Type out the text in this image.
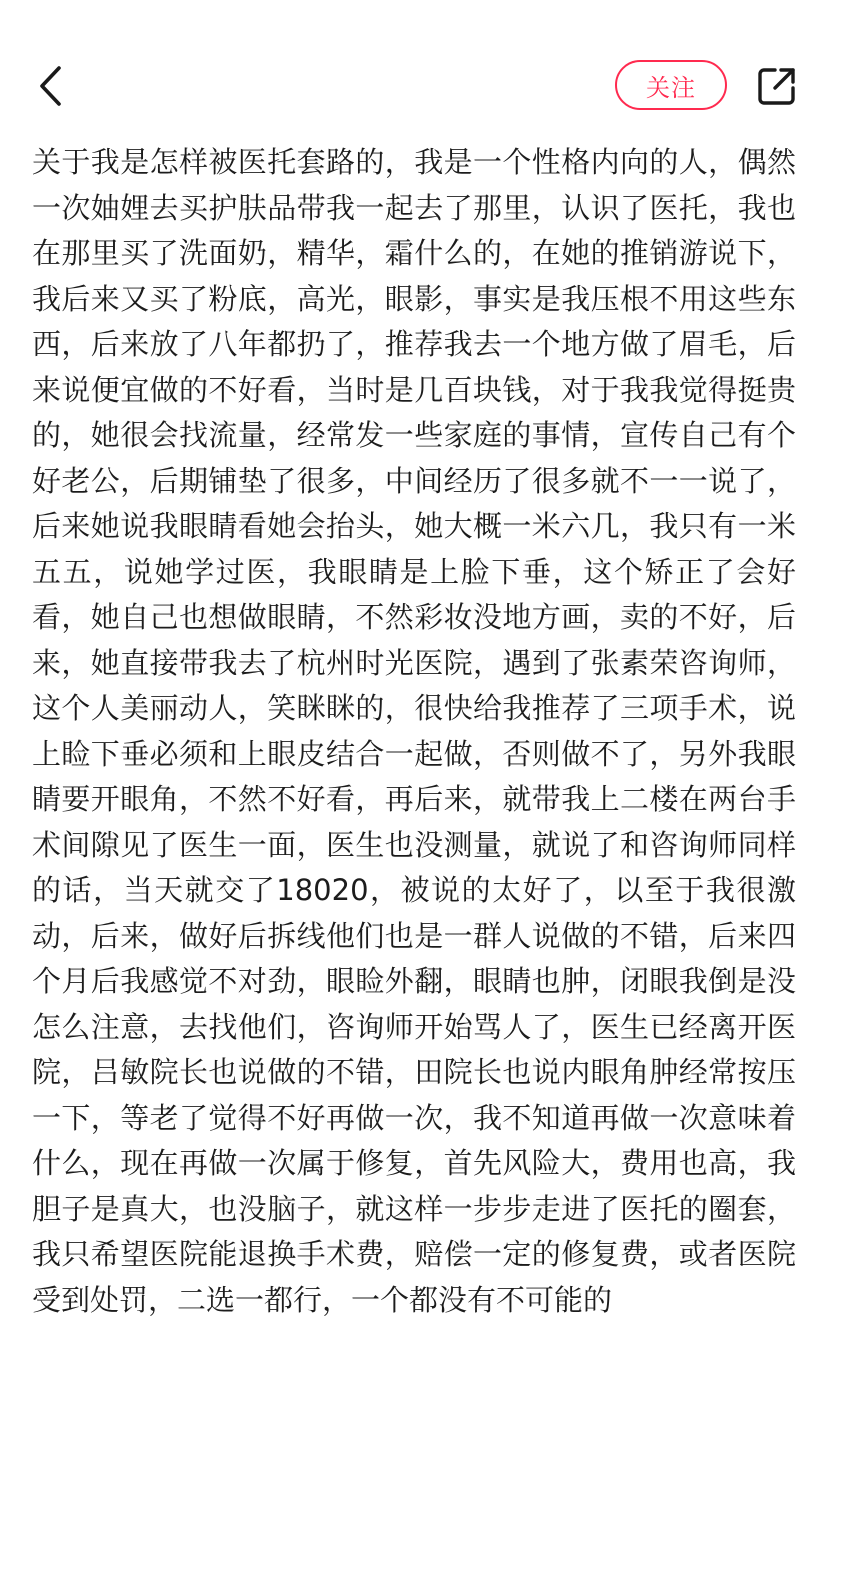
关注
关于我是怎样被医托套路的，我是一个性格内向的人，偶然一次妯娌去买护肤品带我一起去了那里，认识了医托，我也在那里买了洗面奶，精华，霜什么的，在她的推销游说下，我后来又买了粉底，高光，眼影，事实是我压根不用这些东西，后来放了八年都扔了，推荐我去一个地方做了眉毛，后来说便宜做的不好看，当时是几百块钱，对于我我觉得挺贵的，她很会找流量，经常发一些家庭的事情，宣传自己有个好老公，后期铺垫了很多，中间经历了很多就不一一说了，后来她说我眼睛看她会抬头，她大概一米六几，我只有一米五五，说她学过医，我眼睛是上脸下垂，这个矫正了会好看，她自己也想做眼睛，不然彩妆没地方画，卖的不好，后来，她直接带我去了杭州时光医院，遇到了张素荣咨询师，这个人美丽动人，笑眯眯的，很快给我推荐了三项手术，说上睑下垂必须和上眼皮结合一起做，否则做不了，另外我眼睛要开眼角，不然不好看，再后来，就带我上二楼在两台手术间隙见了医生一面，医生也没测量，就说了和咨询师同样的话，当天就交了18020，被说的太好了，以至于我很激动，后来，做好后拆线他们也是一群人说做的不错，后来四个月后我感觉不对劲，眼睑外翻，眼睛也肿，闭眼我倒是没怎么注意，去找他们，咨询师开始骂人了，医生已经离开医院，吕敏院长也说做的不错，田院长也说内眼角肿经常按压一下，等老了觉得不好再做一次，我不知道再做一次意味着什么，现在再做一次属于修复，首先风险大，费用也高，我胆子是真大，也没脑子，就这样一步步走进了医托的圈套，我只希望医院能退换手术费，赔偿一定的修复费，或者医院受到处罚，二选一都行，一个都没有不可能的
